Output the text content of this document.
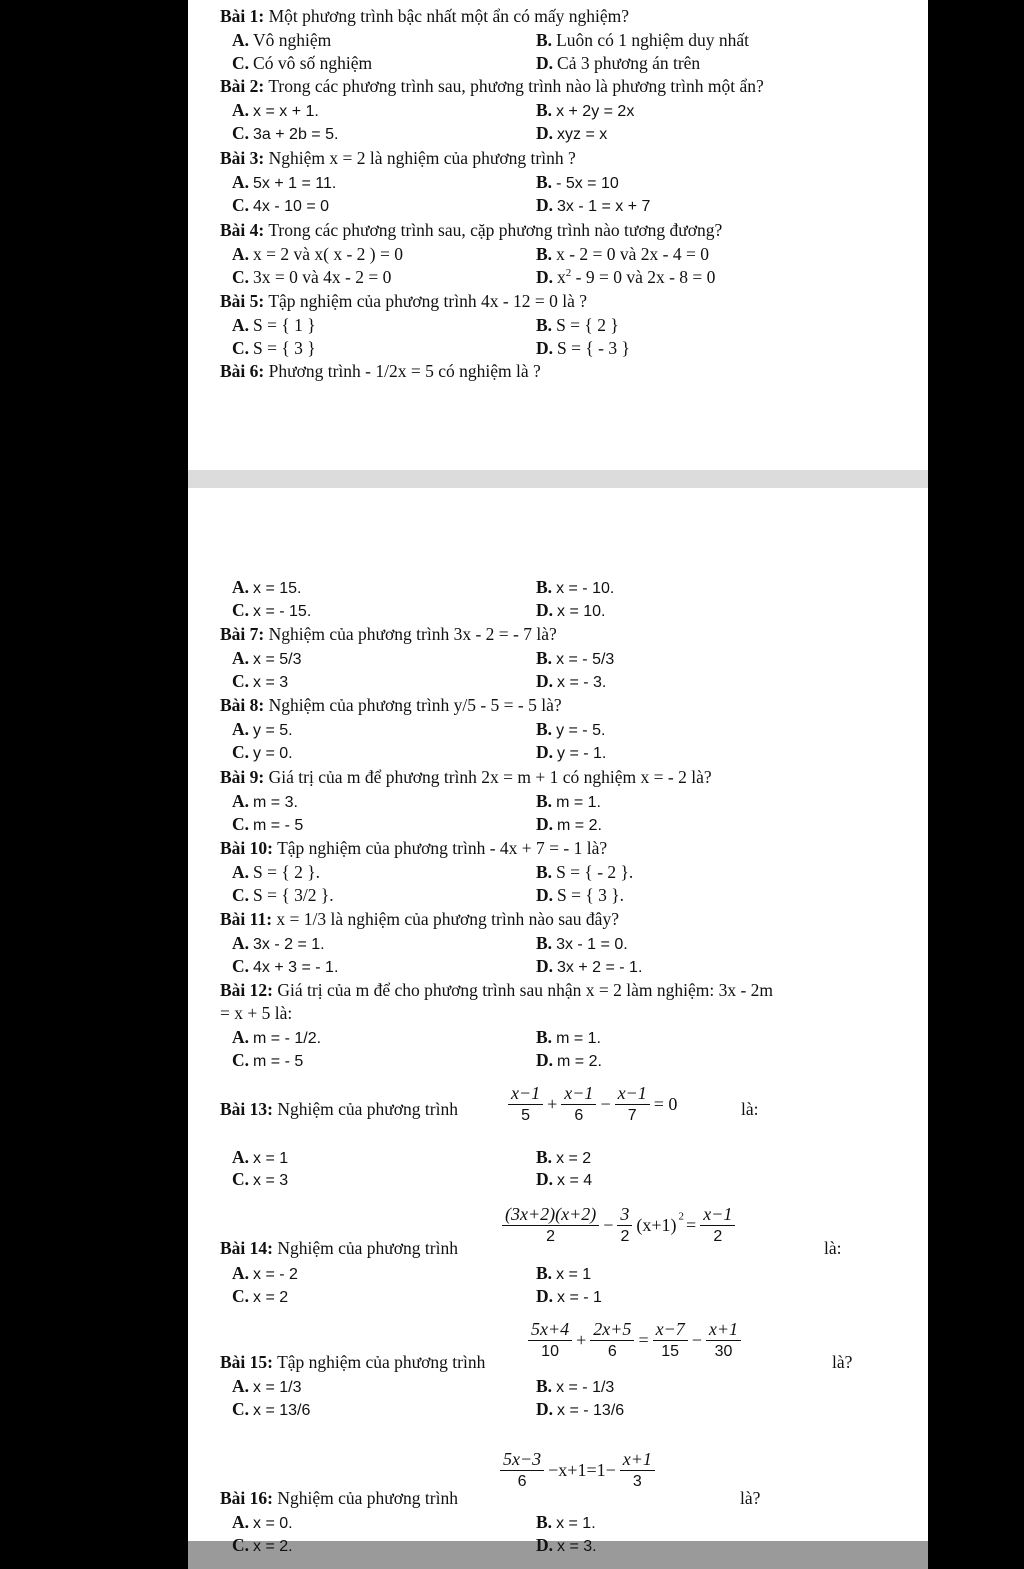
Bài 1: Một phương trình bậc nhất một ẩn có mấy nghiệm?
A. Vô nghiệm	B. Luôn có 1 nghiệm duy nhất
C. Có vô số nghiệm	D. Cả 3 phương án trên
Bài 2: Trong các phương trình sau, phương trình nào là phương trình một ẩn?
A. x = x + 1.	B. x + 2y = 2x
C. 3a + 2b = 5.	D. xyz = x
Bài 3: Nghiệm x = 2 là nghiệm của phương trình ?
A. 5x + 1 = 11.	B. - 5x = 10
C. 4x - 10 = 0	D. 3x - 1 = x + 7
Bài 4: Trong các phương trình sau, cặp phương trình nào tương đương?
A. x = 2 và x( x - 2 ) = 0	B. x - 2 = 0 và 2x - 4 = 0
C. 3x = 0 và 4x - 2 = 0	D. $x^2 - 9 = 0$ và 2x - 8 = 0
Bài 5: Tập nghiệm của phương trình 4x - 12 = 0 là ?
A. S = { 1 }	B. S = { 2 }
C. S = { 3 }	D. S = { - 3 }
Bài 6: Phương trình - 1/2x = 5 có nghiệm là ?
A. x = 15.	B. x = - 10.
C. x = - 15.	D. x = 10.
Bài 7: Nghiệm của phương trình 3x - 2 = - 7 là?
A. x = 5/3	B. x = - 5/3
C. x = 3	D. x = - 3.
Bài 8: Nghiệm của phương trình y/5 - 5 = - 5 là?
A. y = 5.	B. y = - 5.
C. y = 0.	D. y = - 1.
Bài 9: Giá trị của m để phương trình 2x = m + 1 có nghiệm x = - 2 là?
A. m = 3.	B. m = 1.
C. m = - 5	D. m = 2.
Bài 10: Tập nghiệm của phương trình - 4x + 7 = - 1 là?
A. S = { 2 }.	B. S = { - 2 }.
C. S = { 3/2 }.	D. S = { 3 }.
Bài 11: x = 1/3 là nghiệm của phương trình nào sau đây?
A. 3x - 2 = 1.	B. 3x - 1 = 0.
C. 4x + 3 = - 1.	D. 3x + 2 = - 1.
Bài 12: Giá trị của m để cho phương trình sau nhận x = 2 làm nghiệm: 3x - 2m
= x + 5 là:
A. m = - 1/2.	B. m = 1.
C. m = - 5	D. m = 2.
Bài 13: Nghiệm của phương trình	$\frac{x-1}{5} + \frac{x-1}{6} - \frac{x-1}{7} = 0$	là:
A. x = 1	B. x = 2
C. x = 3	D. x = 4
Bài 14: Nghiệm của phương trình $\frac{(3x+2)(x+2)}{2} - \frac{3}{2} (x+1) ^2 = \frac{x-1}{2}$	là:
A. x = - 2	B. x = 1
C. x = 2	D. x = - 1
Bài 15: Tập nghiệm của phương trình $\frac{5x+4}{10} + \frac{2x+5}{6} = \frac{x-7}{15} - \frac{x+1}{30}$	là?
A. x = 1/3	B. x = - 1/3
C. x = 13/6	D. x = - 13/6
Bài 16: Nghiệm của phương trình
$\frac{5x-3}{6} -x+1=1- \frac{x+1}{3}$
là?
A. x = 0.	B. x = 1.
C. x = 2.	D. x = 3.
